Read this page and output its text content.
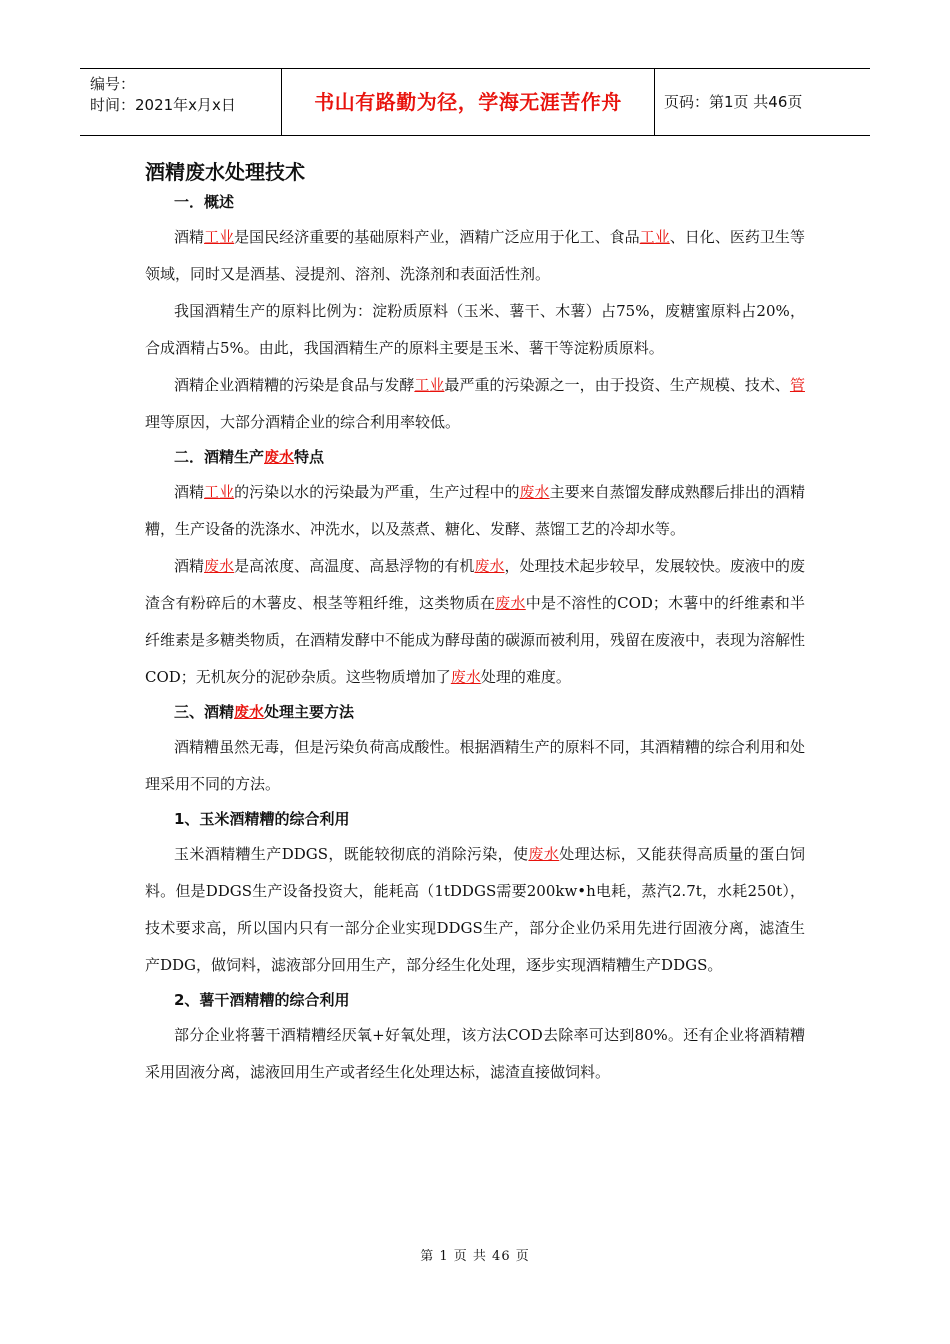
编号：
时间：2021年x月x日	书山有路勤为径，学海无涯苦作舟	页码：第1页 共46页
酒精废水处理技术
一．概述

酒精工业是国民经济重要的基础原料产业，酒精广泛应用于化工、食品工业、日化、医药卫生等领域，同时又是酒基、浸提剂、溶剂、洗涤剂和表面活性剂。

我国酒精生产的原料比例为：淀粉质原料（玉米、薯干、木薯）占75%，废糖蜜原料占20%，合成酒精占5%。由此，我国酒精生产的原料主要是玉米、薯干等淀粉质原料。

酒精企业酒精糟的污染是食品与发酵工业最严重的污染源之一，由于投资、生产规模、技术、管理等原因，大部分酒精企业的综合利用率较低。

二．酒精生产废水特点

酒精工业的污染以水的污染最为严重，生产过程中的废水主要来自蒸馏发酵成熟醪后排出的酒精糟，生产设备的洗涤水、冲洗水，以及蒸煮、糖化、发酵、蒸馏工艺的冷却水等。

酒精废水是高浓度、高温度、高悬浮物的有机废水，处理技术起步较早，发展较快。废液中的废渣含有粉碎后的木薯皮、根茎等粗纤维，这类物质在废水中是不溶性的COD；木薯中的纤维素和半纤维素是多糖类物质，在酒精发酵中不能成为酵母菌的碳源而被利用，残留在废液中，表现为溶解性COD；无机灰分的泥砂杂质。这些物质增加了废水处理的难度。

三、酒精废水处理主要方法

酒精糟虽然无毒，但是污染负荷高成酸性。根据酒精生产的原料不同，其酒精糟的综合利用和处理采用不同的方法。

1、玉米酒精糟的综合利用

玉米酒精糟生产DDGS，既能较彻底的消除污染，使废水处理达标，又能获得高质量的蛋白饲料。但是DDGS生产设备投资大，能耗高（1tDDGS需要200kw•h电耗，蒸汽2.7t，水耗250t），技术要求高，所以国内只有一部分企业实现DDGS生产，部分企业仍采用先进行固液分离，滤渣生产DDG，做饲料，滤液部分回用生产，部分经生化处理，逐步实现酒精糟生产DDGS。

2、薯干酒精糟的综合利用

部分企业将薯干酒精糟经厌氧+好氧处理，该方法COD去除率可达到80%。还有企业将酒精糟采用固液分离，滤液回用生产或者经生化处理达标，滤渣直接做饲料。

第 1 页 共 46 页
